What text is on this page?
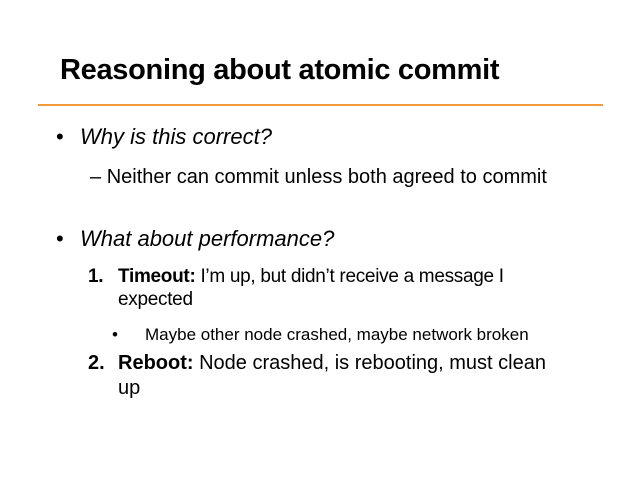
Reasoning about atomic commit
• Why is this correct?
– Neither can commit unless both agreed to commit
• What about performance?
1. Timeout: I’m up, but didn’t receive a message I
expected
• Maybe other node crashed, maybe network broken
2. Reboot: Node crashed, is rebooting, must clean
up
